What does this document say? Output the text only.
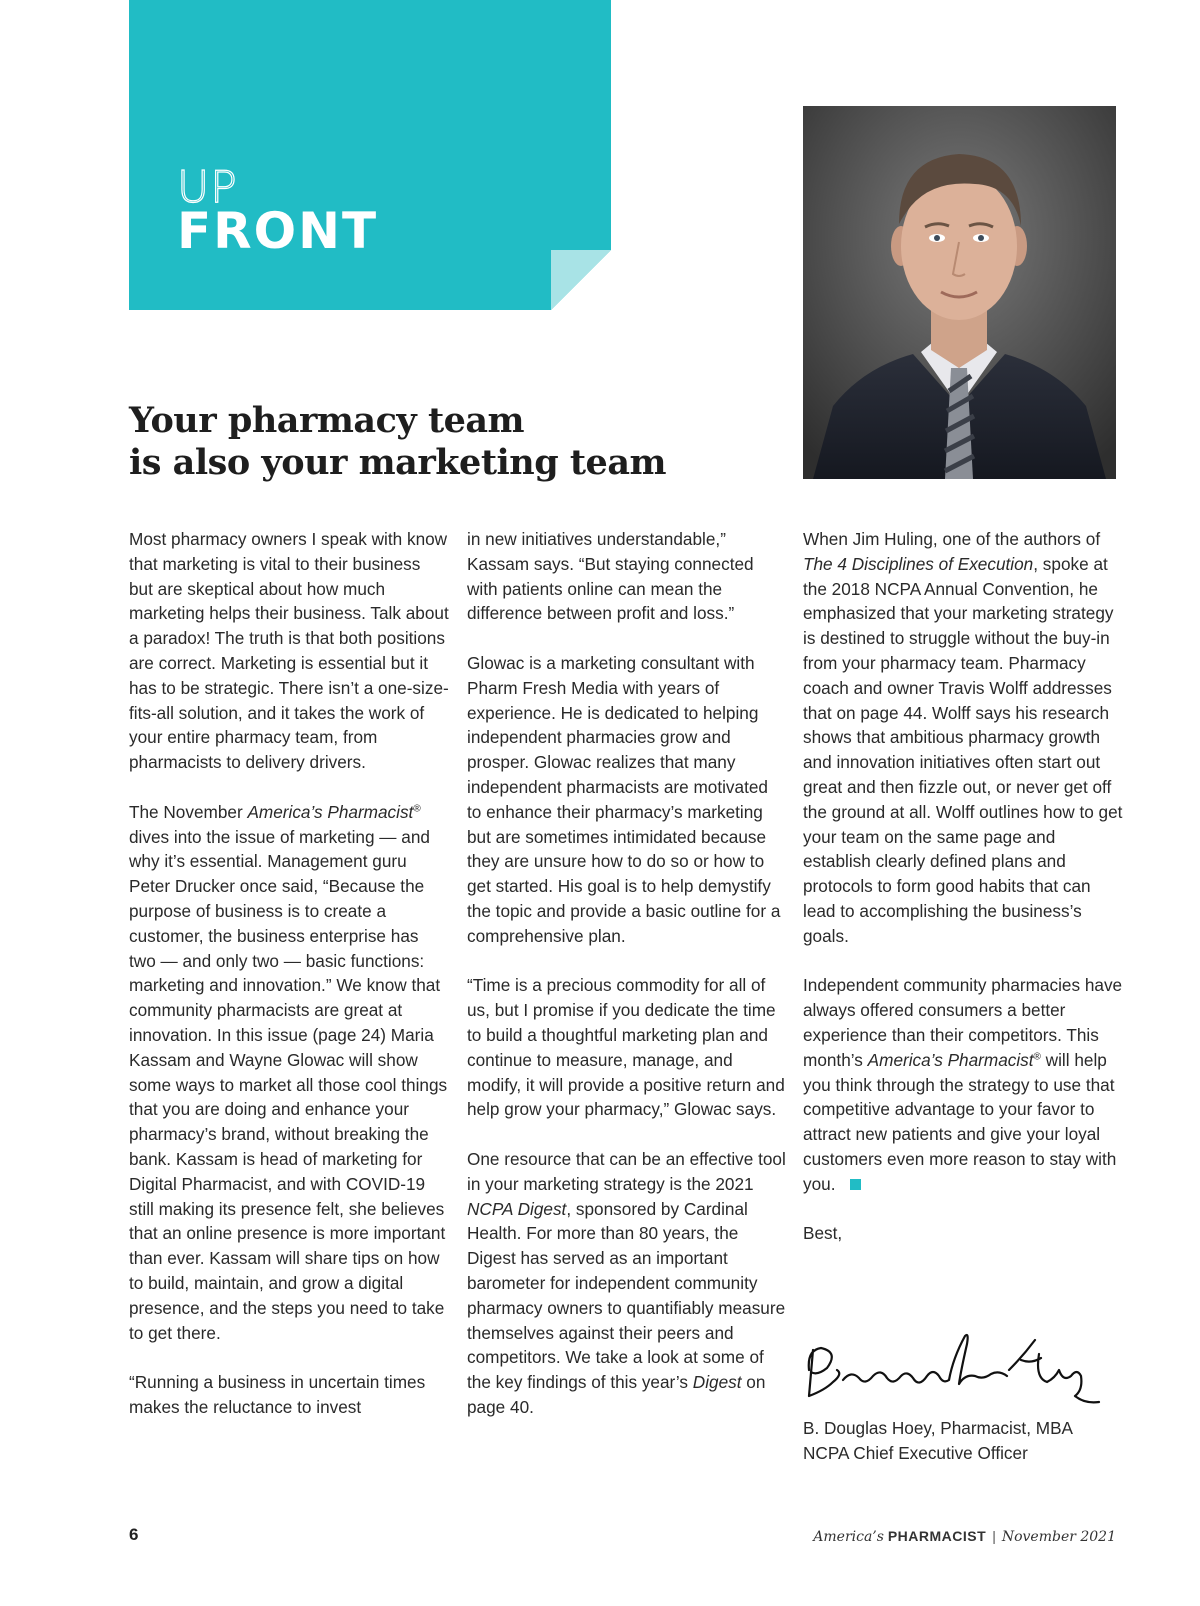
UP
FRONT
Your pharmacy team
is also your marketing team

Most pharmacy owners I speak with know that marketing is vital to their business but are skeptical about how much marketing helps their business. Talk about a paradox! The truth is that both positions are correct. Marketing is essential but it has to be strategic. There isn’t a one-size-fits-all solution, and it takes the work of your entire pharmacy team, from pharmacists to delivery drivers.

The November America’s Pharmacist® dives into the issue of marketing — and why it’s essential. Management guru Peter Drucker once said, “Because the purpose of business is to create a customer, the business enterprise has two — and only two — basic functions: marketing and innovation.” We know that community pharmacists are great at innovation. In this issue (page 24) Maria Kassam and Wayne Glowac will show some ways to market all those cool things that you are doing and enhance your pharmacy’s brand, without breaking the bank. Kassam is head of marketing for Digital Pharmacist, and with COVID-19 still making its presence felt, she believes that an online presence is more important than ever. Kassam will share tips on how to build, maintain, and grow a digital presence, and the steps you need to take to get there.

“Running a business in uncertain times makes the reluctance to invest

in new initiatives understandable,” Kassam says. “But staying connected with patients online can mean the difference between profit and loss.”

Glowac is a marketing consultant with Pharm Fresh Media with years of experience. He is dedicated to helping independent pharmacies grow and prosper. Glowac realizes that many independent pharmacists are motivated to enhance their pharmacy’s marketing but are sometimes intimidated because they are unsure how to do so or how to get started. His goal is to help demystify the topic and provide a basic outline for a comprehensive plan.

“Time is a precious commodity for all of us, but I promise if you dedicate the time to build a thoughtful marketing plan and continue to measure, manage, and modify, it will provide a positive return and help grow your pharmacy,” Glowac says.

One resource that can be an effective tool in your marketing strategy is the 2021 NCPA Digest, sponsored by Cardinal Health. For more than 80 years, the Digest has served as an important barometer for independent community pharmacy owners to quantifiably measure themselves against their peers and competitors. We take a look at some of the key findings of this year’s Digest on page 40.

When Jim Huling, one of the authors of The 4 Disciplines of Execution, spoke at the 2018 NCPA Annual Convention, he emphasized that your marketing strategy is destined to struggle without the buy-in from your pharmacy team. Pharmacy coach and owner Travis Wolff addresses that on page 44. Wolff says his research shows that ambitious pharmacy growth and innovation initiatives often start out great and then fizzle out, or never get off the ground at all. Wolff outlines how to get your team on the same page and establish clearly defined plans and protocols to form good habits that can lead to accomplishing the business’s goals.

Independent community pharmacies have always offered consumers a better experience than their competitors. This month’s America’s Pharmacist® will help you think through the strategy to use that competitive advantage to your favor to attract new patients and give your loyal customers even more reason to stay with you.

Best,

B. Douglas Hoey, Pharmacist, MBA
NCPA Chief Executive Officer
6	America’s PHARMACIST | November 2021
